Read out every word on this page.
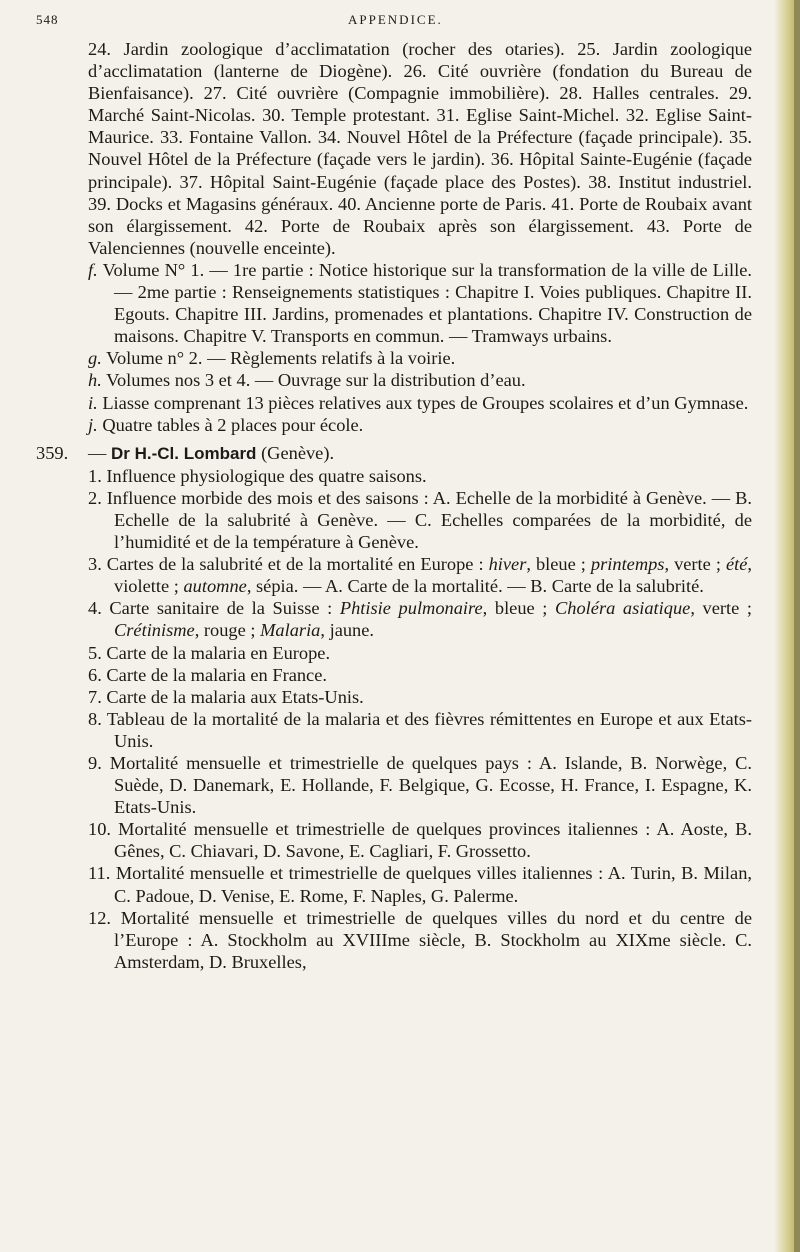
548	APPENDICE.

24. Jardin zoologique d’acclimatation (rocher des otaries). 25. Jardin zoologique d’acclimatation (lanterne de Diogène). 26. Cité ouvrière (fondation du Bureau de Bienfaisance). 27. Cité ouvrière (Compagnie immobilière). 28. Halles centrales. 29. Marché Saint-Nicolas. 30. Temple protestant. 31. Eglise Saint-Michel. 32. Eglise Saint-Maurice. 33. Fontaine Vallon. 34. Nouvel Hôtel de la Préfecture (façade principale). 35. Nouvel Hôtel de la Préfecture (façade vers le jardin). 36. Hôpital Sainte-Eugénie (façade principale). 37. Hôpital Saint-Eugénie (façade place des Postes). 38. Institut industriel. 39. Docks et Magasins généraux. 40. Ancienne porte de Paris. 41. Porte de Roubaix avant son élargissement. 42. Porte de Roubaix après son élargissement. 43. Porte de Valenciennes (nouvelle enceinte).

f. Volume N° 1. — 1re partie : Notice historique sur la transformation de la ville de Lille. — 2me partie : Renseignements statistiques : Chapitre I. Voies publiques. Chapitre II. Egouts. Chapitre III. Jardins, promenades et plantations. Chapitre IV. Construction de maisons. Chapitre V. Transports en commun. — Tramways urbains.

g. Volume n° 2. — Règlements relatifs à la voirie.

h. Volumes nos 3 et 4. — Ouvrage sur la distribution d’eau.

i. Liasse comprenant 13 pièces relatives aux types de Groupes scolaires et d’un Gymnase.

j. Quatre tables à 2 places pour école.

359. — Dr H.-Cl. Lombard (Genève).

1. Influence physiologique des quatre saisons.

2. Influence morbide des mois et des saisons : A. Echelle de la morbidité à Genève. — B. Echelle de la salubrité à Genève. — C. Echelles comparées de la morbidité, de l’humidité et de la température à Genève.

3. Cartes de la salubrité et de la mortalité en Europe : hiver, bleue ; printemps, verte ; été, violette ; automne, sépia. — A. Carte de la mortalité. — B. Carte de la salubrité.

4. Carte sanitaire de la Suisse : Phtisie pulmonaire, bleue ; Choléra asiatique, verte ; Crétinisme, rouge ; Malaria, jaune.

5. Carte de la malaria en Europe.

6. Carte de la malaria en France.

7. Carte de la malaria aux Etats-Unis.

8. Tableau de la mortalité de la malaria et des fièvres rémittentes en Europe et aux Etats-Unis.

9. Mortalité mensuelle et trimestrielle de quelques pays : A. Islande, B. Norwège, C. Suède, D. Danemark, E. Hollande, F. Belgique, G. Ecosse, H. France, I. Espagne, K. Etats-Unis.

10. Mortalité mensuelle et trimestrielle de quelques provinces italiennes : A. Aoste, B. Gênes, C. Chiavari, D. Savone, E. Cagliari, F. Grossetto.

11. Mortalité mensuelle et trimestrielle de quelques villes italiennes : A. Turin, B. Milan, C. Padoue, D. Venise, E. Rome, F. Naples, G. Palerme.

12. Mortalité mensuelle et trimestrielle de quelques villes du nord et du centre de l’Europe : A. Stockholm au XVIIIme siècle, B. Stockholm au XIXme siècle. C. Amsterdam, D. Bruxelles,
